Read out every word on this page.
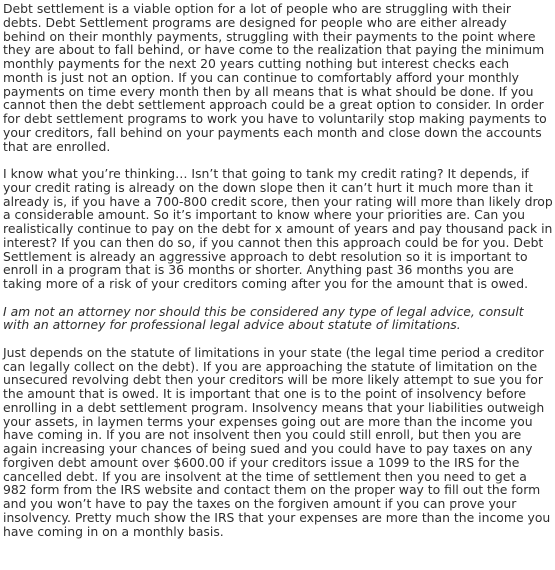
Debt settlement is a viable option for a lot of people who are struggling with their debts. Debt Settlement programs are designed for people who are either already behind on their monthly payments, struggling with their payments to the point where they are about to fall behind, or have come to the realization that paying the minimum monthly payments for the next 20 years cutting nothing but interest checks each month is just not an option. If you can continue to comfortably afford your monthly payments on time every month then by all means that is what should be done. If you cannot then the debt settlement approach could be a great option to consider. In order for debt settlement programs to work you have to voluntarily stop making payments to your creditors, fall behind on your payments each month and close down the accounts that are enrolled.

I know what you’re thinking… Isn’t that going to tank my credit rating? It depends, if your credit rating is already on the down slope then it can’t hurt it much more than it already is, if you have a 700-800 credit score, then your rating will more than likely drop a considerable amount. So it’s important to know where your priorities are. Can you realistically continue to pay on the debt for x amount of years and pay thousand pack in interest? If you can then do so, if you cannot then this approach could be for you. Debt Settlement is already an aggressive approach to debt resolution so it is important to enroll in a program that is 36 months or shorter. Anything past 36 months you are taking more of a risk of your creditors coming after you for the amount that is owed.

I am not an attorney nor should this be considered any type of legal advice, consult with an attorney for professional legal advice about statute of limitations.

Just depends on the statute of limitations in your state (the legal time period a creditor can legally collect on the debt). If you are approaching the statute of limitation on the unsecured revolving debt then your creditors will be more likely attempt to sue you for the amount that is owed. It is important that one is to the point of insolvency before enrolling in a debt settlement program. Insolvency means that your liabilities outweigh your assets, in laymen terms your expenses going out are more than the income you have coming in. If you are not insolvent then you could still enroll, but then you are again increasing your chances of being sued and you could have to pay taxes on any forgiven debt amount over $600.00 if your creditors issue a 1099 to the IRS for the cancelled debt. If you are insolvent at the time of settlement then you need to get a 982 form from the IRS website and contact them on the proper way to fill out the form and you won’t have to pay the taxes on the forgiven amount if you can prove your insolvency. Pretty much show the IRS that your expenses are more than the income you have coming in on a monthly basis.
